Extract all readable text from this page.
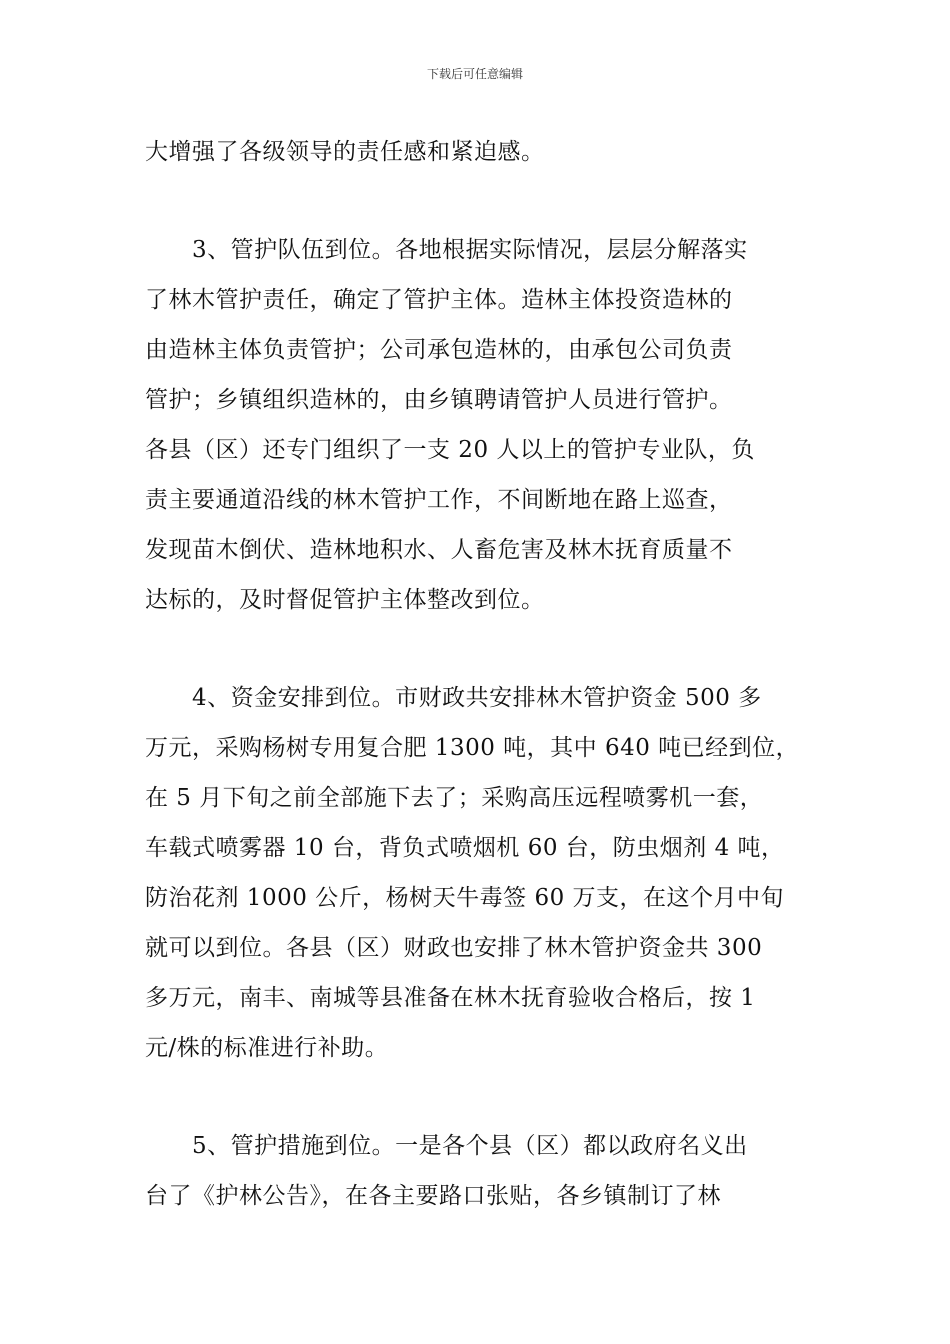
下载后可任意编辑
大增强了各级领导的责任感和紧迫感。
3、管护队伍到位。各地根据实际情况，层层分解落实
了林木管护责任，确定了管护主体。造林主体投资造林的
由造林主体负责管护；公司承包造林的，由承包公司负责
管护；乡镇组织造林的，由乡镇聘请管护人员进行管护。
各县（区）还专门组织了一支 20 人以上的管护专业队，负
责主要通道沿线的林木管护工作，不间断地在路上巡查，
发现苗木倒伏、造林地积水、人畜危害及林木抚育质量不
达标的，及时督促管护主体整改到位。
4、资金安排到位。市财政共安排林木管护资金 500 多
万元，采购杨树专用复合肥 1300 吨，其中 640 吨已经到位，
在 5 月下旬之前全部施下去了；采购高压远程喷雾机一套，
车载式喷雾器 10 台，背负式喷烟机 60 台，防虫烟剂 4 吨，
防治花剂 1000 公斤，杨树天牛毒签 60 万支，在这个月中旬
就可以到位。各县（区）财政也安排了林木管护资金共 300
多万元，南丰、南城等县准备在林木抚育验收合格后，按 1
元/株的标准进行补助。
5、管护措施到位。一是各个县（区）都以政府名义出
台了《护林公告》，在各主要路口张贴，各乡镇制订了林
